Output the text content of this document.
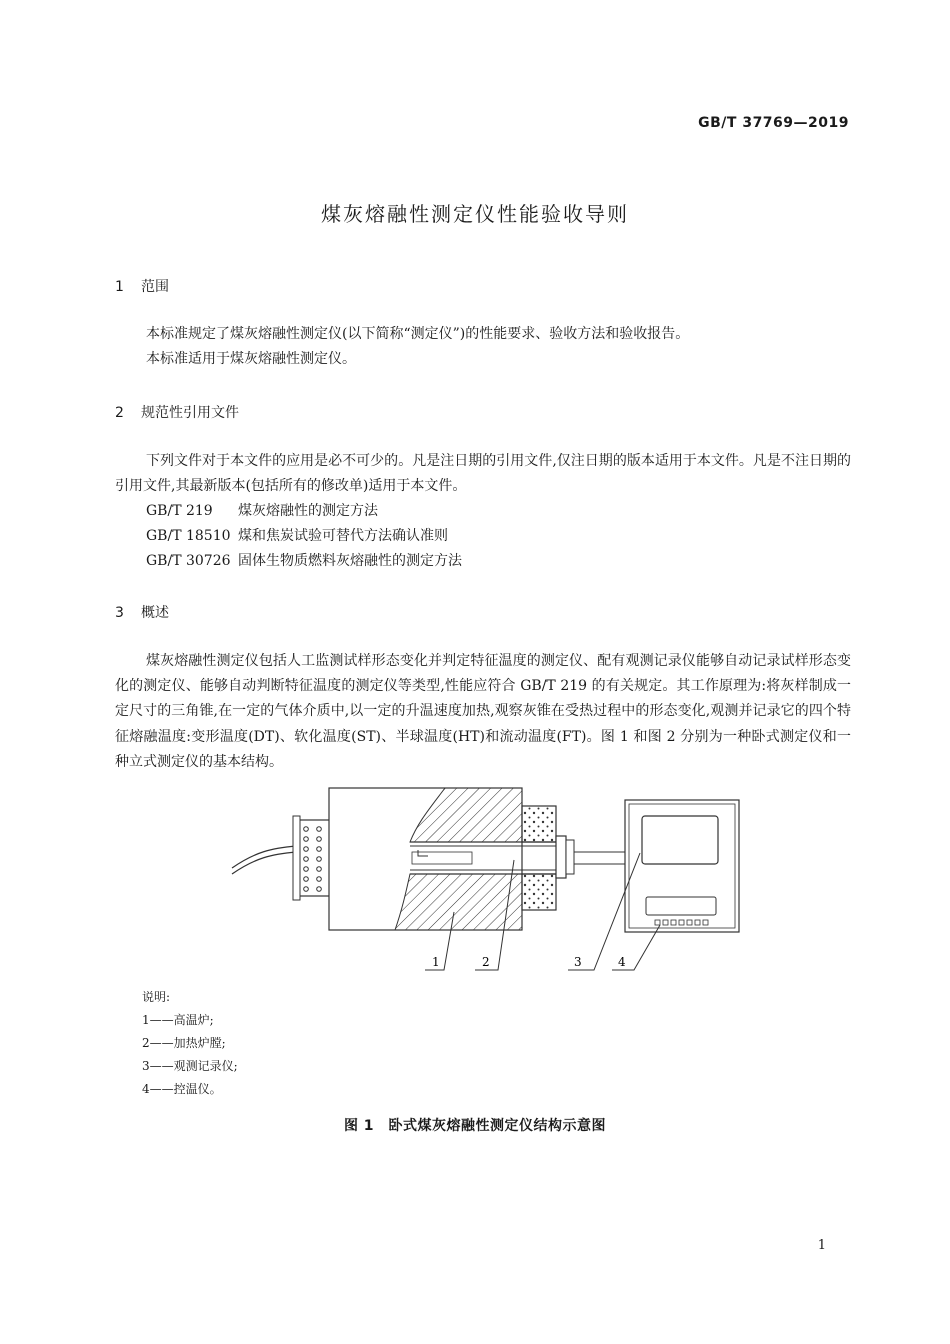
GB/T 37769—2019
煤灰熔融性测定仪性能验收导则
1 范围

本标准规定了煤灰熔融性测定仪(以下简称“测定仪”)的性能要求、验收方法和验收报告。

本标准适用于煤灰熔融性测定仪。

2 规范性引用文件

下列文件对于本文件的应用是必不可少的。凡是注日期的引用文件,仅注日期的版本适用于本文件。凡是不注日期的引用文件,其最新版本(包括所有的修改单)适用于本文件。

GB/T 219 煤灰熔融性的测定方法
GB/T 18510 煤和焦炭试验可替代方法确认准则
GB/T 30726 固体生物质燃料灰熔融性的测定方法
3 概述

煤灰熔融性测定仪包括人工监测试样形态变化并判定特征温度的测定仪、配有观测记录仪能够自动记录试样形态变化的测定仪、能够自动判断特征温度的测定仪等类型,性能应符合 GB/T 219 的有关规定。其工作原理为:将灰样制成一定尺寸的三角锥,在一定的气体介质中,以一定的升温速度加热,观察灰锥在受热过程中的形态变化,观测并记录它的四个特征熔融温度:变形温度(DT)、软化温度(ST)、半球温度(HT)和流动温度(FT)。图 1 和图 2 分别为一种卧式测定仪和一种立式测定仪的基本结构。

1	2	3	4
说明:
1——高温炉;
2——加热炉膛;
3——观测记录仪;
4——控温仪。
图 1　卧式煤灰熔融性测定仪结构示意图
1
